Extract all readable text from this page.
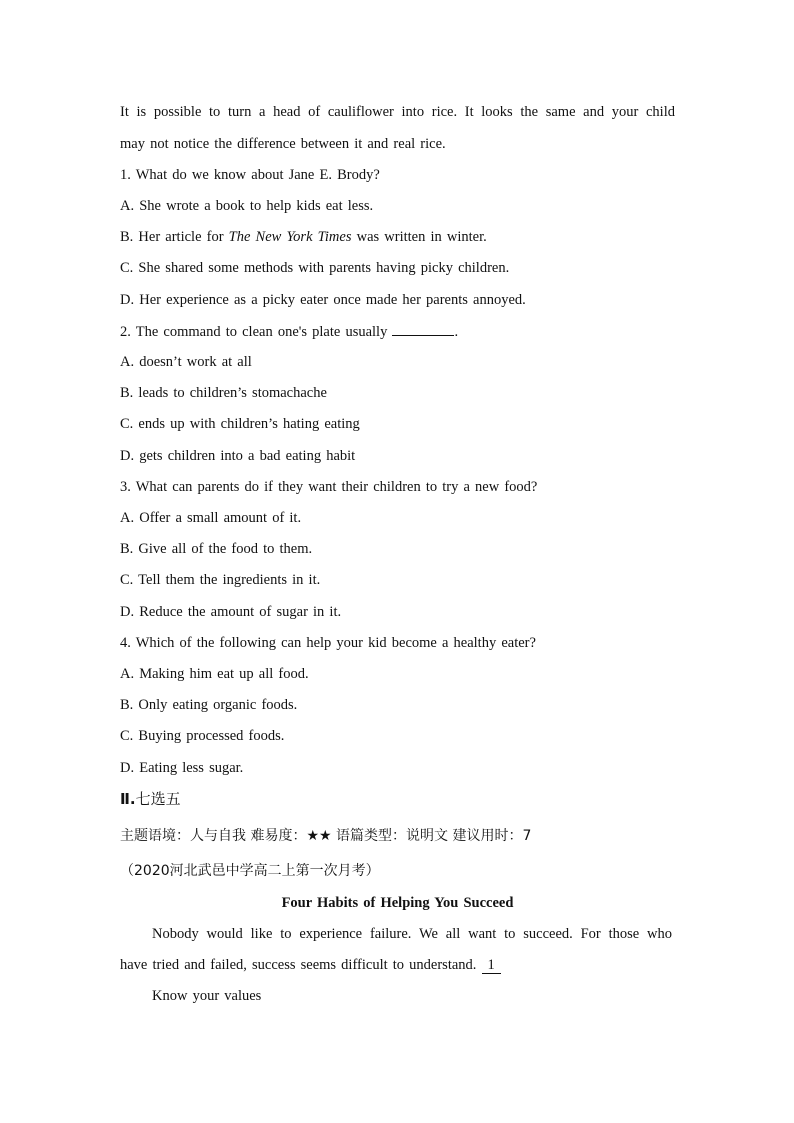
It is possible to turn a head of cauliflower into rice. It looks the same and your child
may not notice the difference between it and real rice.
1. What do we know about Jane E. Brody?
A. She wrote a book to help kids eat less.
B. Her article for The New York Times was written in winter.
C. She shared some methods with parents having picky children.
D. Her experience as a picky eater once made her parents annoyed.
2. The command to clean one's plate usually	.
A. doesn’t work at all
B. leads to children’s stomachache
C. ends up with children’s hating eating
D. gets children into a bad eating habit
3. What can parents do if they want their children to try a new food?
A. Offer a small amount of it.
B. Give all of the food to them.
C. Tell them the ingredients in it.
D. Reduce the amount of sugar in it.
4. Which of the following can help your kid become a healthy eater?
A. Making him eat up all food.
B. Only eating organic foods.
C. Buying processed foods.
D. Eating less sugar.
Ⅱ.七选五
主题语境：人与自我 难易度：★★ 语篇类型：说明文 建议用时：7
（2020河北武邑中学高二上第一次月考）
Four Habits of Helping You Succeed
Nobody would like to experience failure. We all want to succeed. For those who
have tried and failed, success seems difficult to understand. 1
Know your values
